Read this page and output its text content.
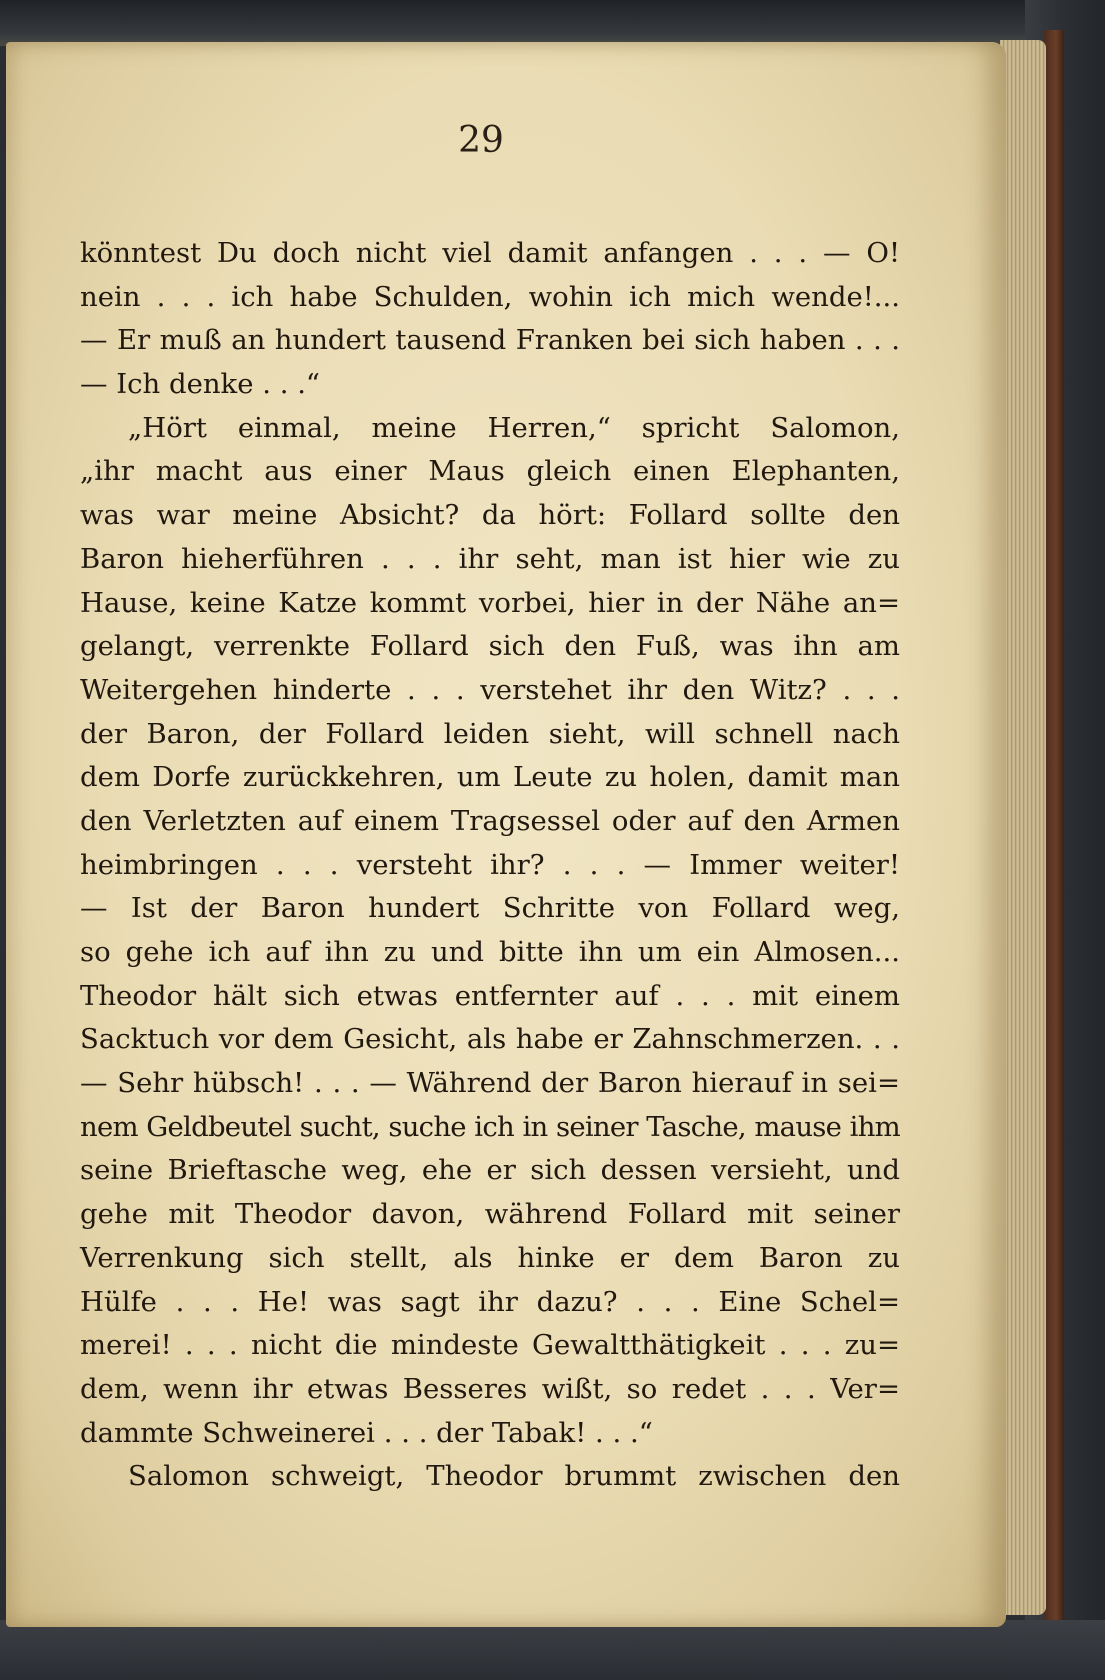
29
könntest Du doch nicht viel damit anfangen . . . — O!
nein . . . ich habe Schulden, wohin ich mich wende!...
— Er muß an hundert tausend Franken bei sich haben . . .
— Ich denke . . .“
„Hört einmal, meine Herren,“ spricht Salomon,
„ihr macht aus einer Maus gleich einen Elephanten,
was war meine Absicht? da hört: Follard sollte den
Baron hieherführen . . . ihr seht, man ist hier wie zu
Hause, keine Katze kommt vorbei, hier in der Nähe an=
gelangt, verrenkte Follard sich den Fuß, was ihn am
Weitergehen hinderte . . . verstehet ihr den Witz? . . .
der Baron, der Follard leiden sieht, will schnell nach
dem Dorfe zurückkehren, um Leute zu holen, damit man
den Verletzten auf einem Tragsessel oder auf den Armen
heimbringen . . . versteht ihr? . . . — Immer weiter!
— Ist der Baron hundert Schritte von Follard weg,
so gehe ich auf ihn zu und bitte ihn um ein Almosen...
Theodor hält sich etwas entfernter auf . . . mit einem
Sacktuch vor dem Gesicht, als habe er Zahnschmerzen. . .
— Sehr hübsch! . . . — Während der Baron hierauf in sei=
nem Geldbeutel sucht, suche ich in seiner Tasche, mause ihm
seine Brieftasche weg, ehe er sich dessen versieht, und
gehe mit Theodor davon, während Follard mit seiner
Verrenkung sich stellt, als hinke er dem Baron zu
Hülfe . . . He! was sagt ihr dazu? . . . Eine Schel=
merei! . . . nicht die mindeste Gewaltthätigkeit . . . zu=
dem, wenn ihr etwas Besseres wißt, so redet . . . Ver=
dammte Schweinerei . . . der Tabak! . . .“
Salomon schweigt, Theodor brummt zwischen den
